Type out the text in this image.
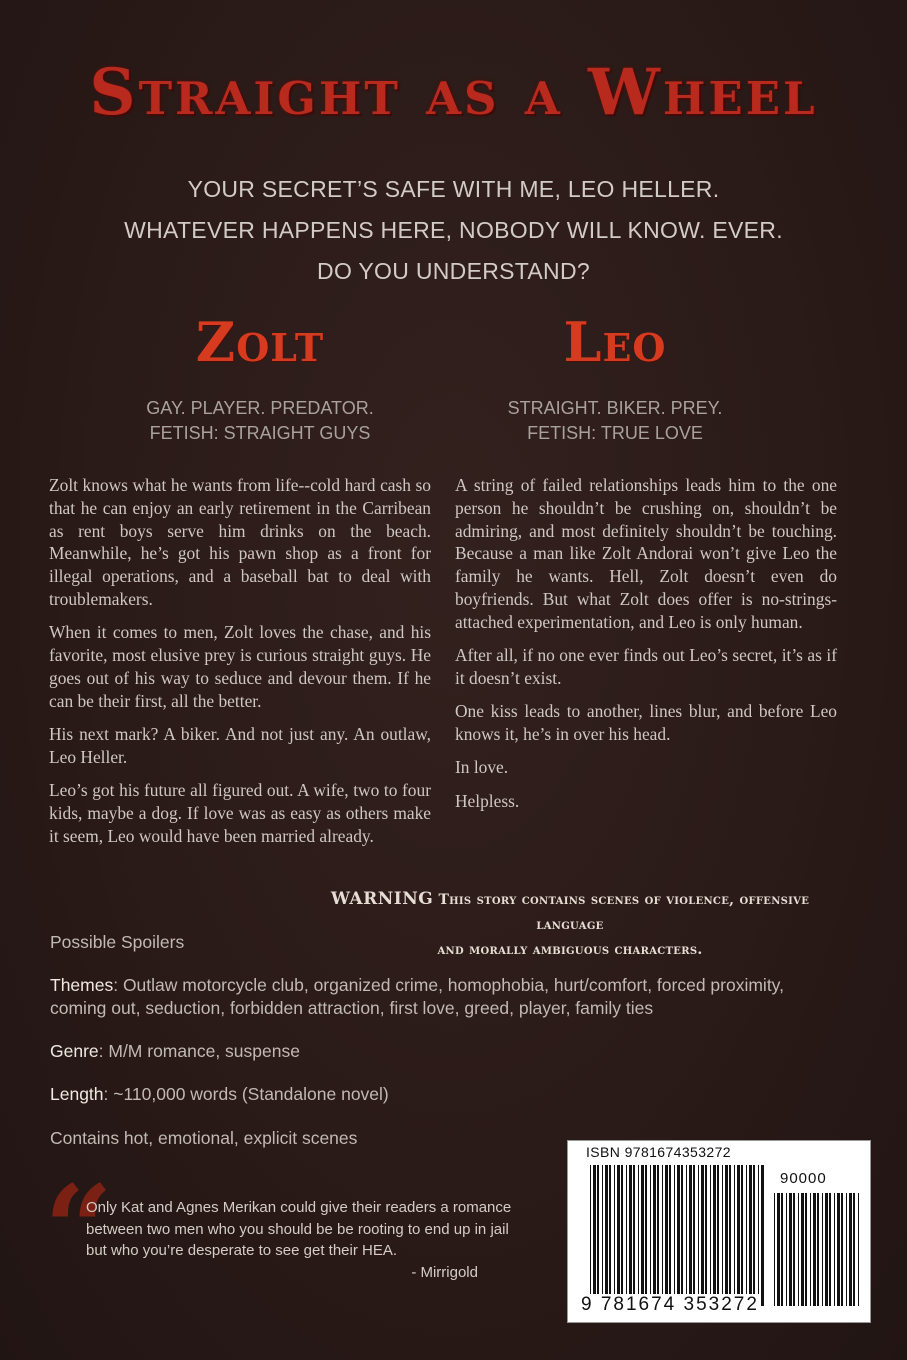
Straight as a Wheel
YOUR SECRET’S SAFE WITH ME, LEO HELLER.
WHATEVER HAPPENS HERE, NOBODY WILL KNOW. EVER.
DO YOU UNDERSTAND?
Zolt	Leo
GAY. PLAYER. PREDATOR.
FETISH: STRAIGHT GUYS
STRAIGHT. BIKER. PREY.
FETISH: TRUE LOVE

Zolt knows what he wants from life--cold hard cash so that he can enjoy an early retirement in the Carribean as rent boys serve him drinks on the beach. Meanwhile, he’s got his pawn shop as a front for illegal operations, and a baseball bat to deal with troublemakers.

When it comes to men, Zolt loves the chase, and his favorite, most elusive prey is curious straight guys. He goes out of his way to seduce and devour them. If he can be their first, all the better.

His next mark? A biker. And not just any. An outlaw, Leo Heller.

Leo’s got his future all figured out. A wife, two to four kids, maybe a dog. If love was as easy as others make it seem, Leo would have been married already.

A string of failed relationships leads him to the one person he shouldn’t be crushing on, shouldn’t be admiring, and most definitely shouldn’t be touching. Because a man like Zolt Andorai won’t give Leo the family he wants. Hell, Zolt doesn’t even do boyfriends. But what Zolt does offer is no-strings-attached experimentation, and Leo is only human.

After all, if no one ever finds out Leo’s secret, it’s as if it doesn’t exist.

One kiss leads to another, lines blur, and before Leo knows it, he’s in over his head.

In love.

Helpless.

WARNING This story contains scenes of violence, offensive language
and morally ambiguous characters.
Possible Spoilers
Themes: Outlaw motorcycle club, organized crime, homophobia, hurt/comfort, forced proximity, coming out, seduction, forbidden attraction, first love, greed, player, family ties
Genre: M/M romance, suspense
Length: ~110,000 words (Standalone novel)
Contains hot, emotional, explicit scenes
“
Only Kat and Agnes Merikan could give their readers a romance between two men who you should be be rooting to end up in jail but who you’re desperate to see get their HEA.
- Mirrigold
ISBN 9781674353272
90000
9 781674 353272
